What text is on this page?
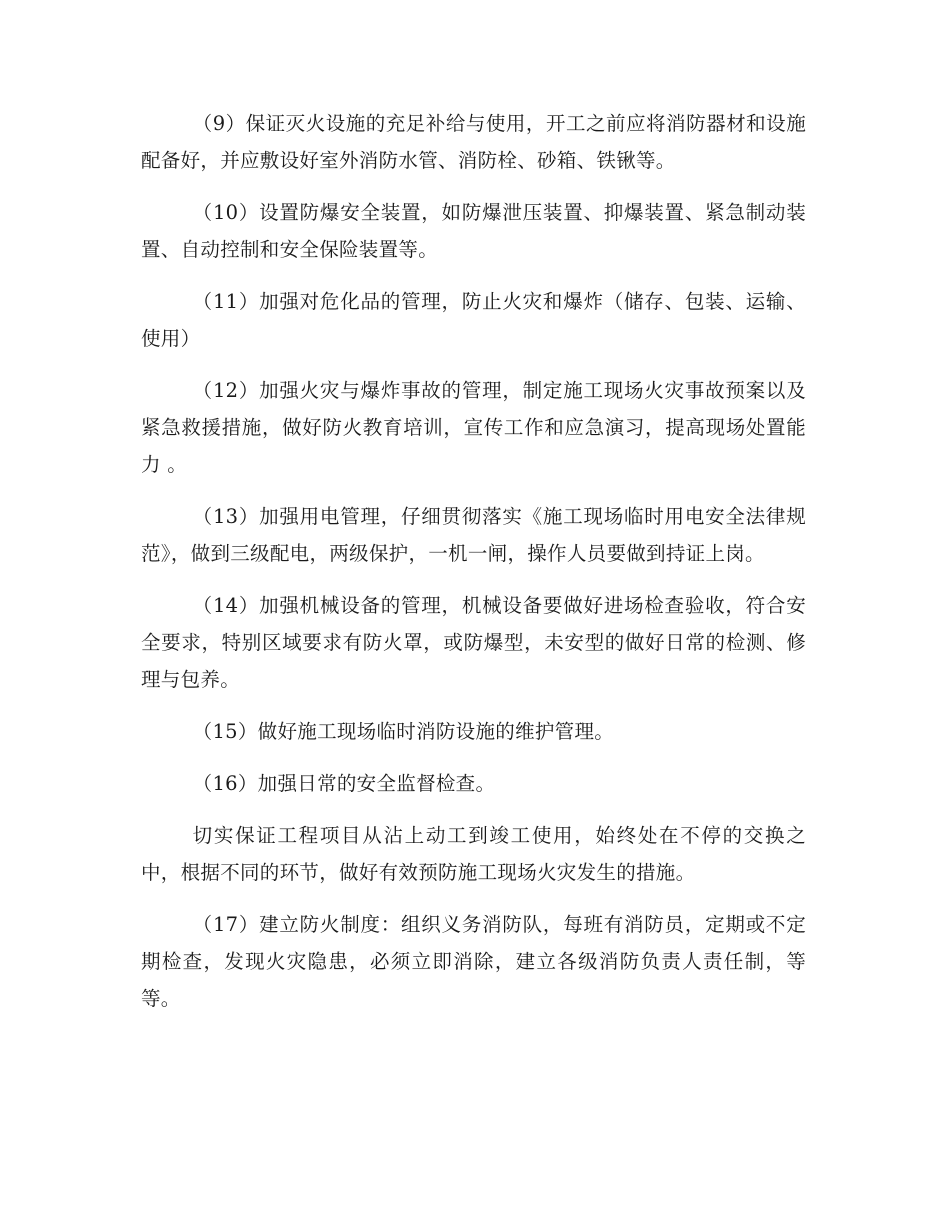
（9）保证灭火设施的充足补给与使用，开工之前应将消防器材和设施配备好，并应敷设好室外消防水管、消防栓、砂箱、铁锹等。

（10）设置防爆安全装置，如防爆泄压装置、抑爆装置、紧急制动装置、自动控制和安全保险装置等。

（11）加强对危化品的管理，防止火灾和爆炸（储存、包装、运输、使用）

（12）加强火灾与爆炸事故的管理，制定施工现场火灾事故预案以及紧急救援措施，做好防火教育培训，宣传工作和应急演习，提高现场处置能力 。

（13）加强用电管理，仔细贯彻落实《施工现场临时用电安全法律规范》，做到三级配电，两级保护，一机一闸，操作人员要做到持证上岗。

（14）加强机械设备的管理，机械设备要做好进场检查验收，符合安全要求，特别区域要求有防火罩，或防爆型，未安型的做好日常的检测、修理与包养。

（15）做好施工现场临时消防设施的维护管理。

（16）加强日常的安全监督检查。

切实保证工程项目从沾上动工到竣工使用，始终处在不停的交换之中，根据不同的环节，做好有效预防施工现场火灾发生的措施。

（17）建立防火制度：组织义务消防队，每班有消防员，定期或不定期检查，发现火灾隐患，必须立即消除，建立各级消防负责人责任制，等等。
